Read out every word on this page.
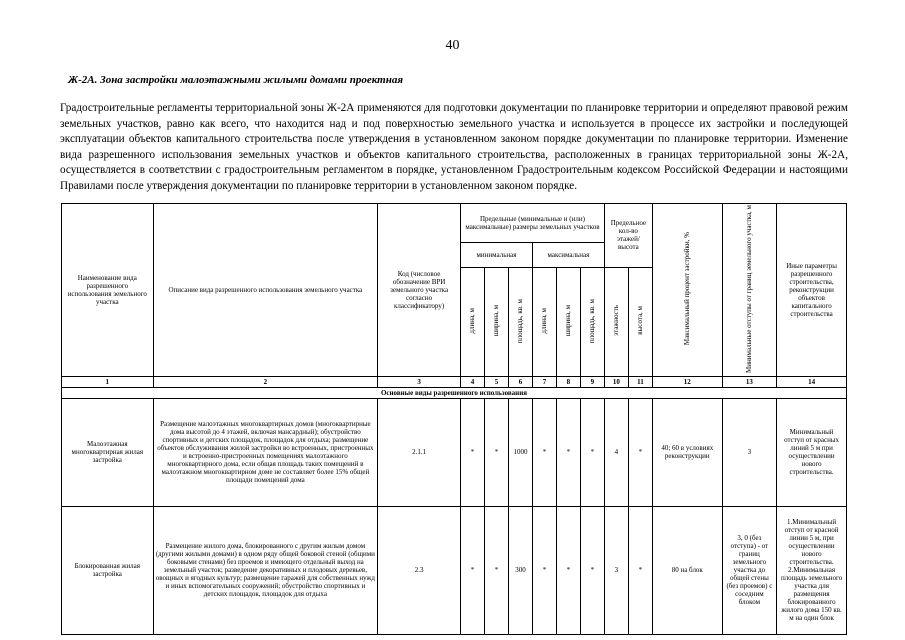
40
Ж-2А. Зона застройки малоэтажными жилыми домами проектная

Градостроительные регламенты территориальной зоны Ж-2А применяются для подготовки документации по планировке территории и определяют правовой режим земельных участков, равно как всего, что находится над и под поверхностью земельного участка и используется в процессе их застройки и последующей эксплуатации объектов капитального строительства после утверждения в установленном законом порядке документации по планировке территории. Изменение вида разрешенного использования земельных участков и объектов капитального строительства, расположенных в границах территориальной зоны Ж-2А, осуществляется в соответствии с градостроительным регламентом в порядке, установленном Градостроительным кодексом Российской Федерации и настоящими Правилами после утверждения документации по планировке территории в установленном законом порядке.

Наименование вида разрешенного использования земельного участка	Описание вида разрешенного использования земельного участка	Код (числовое обозначение ВРИ земельного участка согласно классификатору)	Предельные (минимальные и (или) максимальные) размеры земельных участков						Предельное кол-во этажей/ высота		Максимальный процент застройки, %	Минимальные отступы от границ земельного участка, м	Иные параметры разрешенного строительства, реконструкции объектов капитального строительства
			минимальная			максимальная							
			длина, м	ширина, м	площадь, кв. м	длина, м	ширина, м	площадь, кв. м	этажность	высота, м			
1	2	3	4	5	6	7	8	9	10	11	12	13	14
Основные виды разрешенного использования													
Малоэтажная многоквартирная жилая застройка	Размещение малоэтажных многоквартирных домов (многоквартирные дома высотой до 4 этажей, включая мансардный); обустройство спортивных и детских площадок, площадок для отдыха; размещение объектов обслуживания жилой застройки во встроенных, пристроенных и встроенно-пристроенных помещениях малоэтажного многоквартирного дома, если общая площадь таких помещений в малоэтажном многоквартирном доме не составляет более 15% общей площади помещений дома	2.1.1	*	*	1000	*	*	*	4	*	40; 60 в условиях реконструкции	3	Минимальный отступ от красных линий 5 м при осуществлении нового строительства.
Блокированная жилая застройка	Размещение жилого дома, блокированного с другим жилым домом (другими жилыми домами) в одном ряду общей боковой стеной (общими боковыми стенами) без проемов и имеющего отдельный выход на земельный участок; разведение декоративных и плодовых деревьев, овощных и ягодных культур; размещение гаражей для собственных нужд и иных вспомогательных сооружений; обустройство спортивных и детских площадок, площадок для отдыха	2.3	*	*	300	*	*	*	3	*	80 на блок	3, 0 (без отступа) - от границ земельного участка до общей стены (без проемов) с соседним блоком	1.Минимальный отступ от красной линии 5 м, при осуществлении нового строительства. 2.Минимальная площадь земельного участка для размещения блокированного жилого дома 150 кв. м на один блок
